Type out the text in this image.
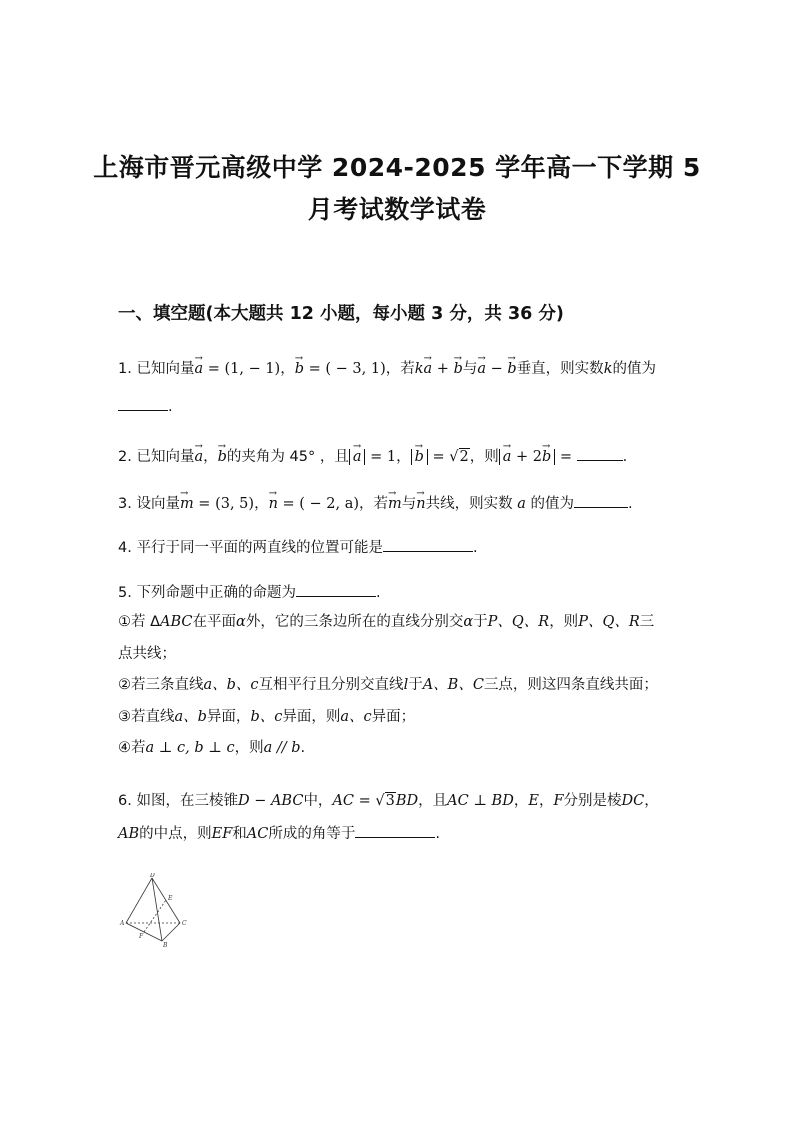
上海市晋元高级中学 2024-2025 学年高一下学期 5
月考试数学试卷
一、填空题(本大题共 12 小题，每小题 3 分，共 36 分)
1. 已知向量→ a = (1, − 1)，→ b = ( − 3, 1)，若k→ a + → b与→ a − → b垂直，则实数k的值为
.
2. 已知向量→ a，→ b的夹角为 45° ，且 → a = 1， → b = √2，则 → a + 2→ b =	.
3. 设向量→ m = (3, 5)，→ n = ( − 2, a)，若→ m与→ n共线，则实数 a 的值为	.
4. 平行于同一平面的两直线的位置可能是	.
5. 下列命题中正确的命题为	.
①若 ΔABC在平面α外，它的三条边所在的直线分别交α于P、Q、R，则P、Q、R三
点共线；
②若三条直线a、b、c互相平行且分别交直线l于A、B、C三点，则这四条直线共面；
③若直线a、b异面，b、c异面，则a、c异面；
④若a ⊥ c, b ⊥ c，则a // b.
6. 如图，在三棱锥D − ABC中，AC = √3BD，且AC ⊥ BD，E，F分别是棱DC，
AB的中点，则EF和AC所成的角等于	.
D
E
A	C
F
B
